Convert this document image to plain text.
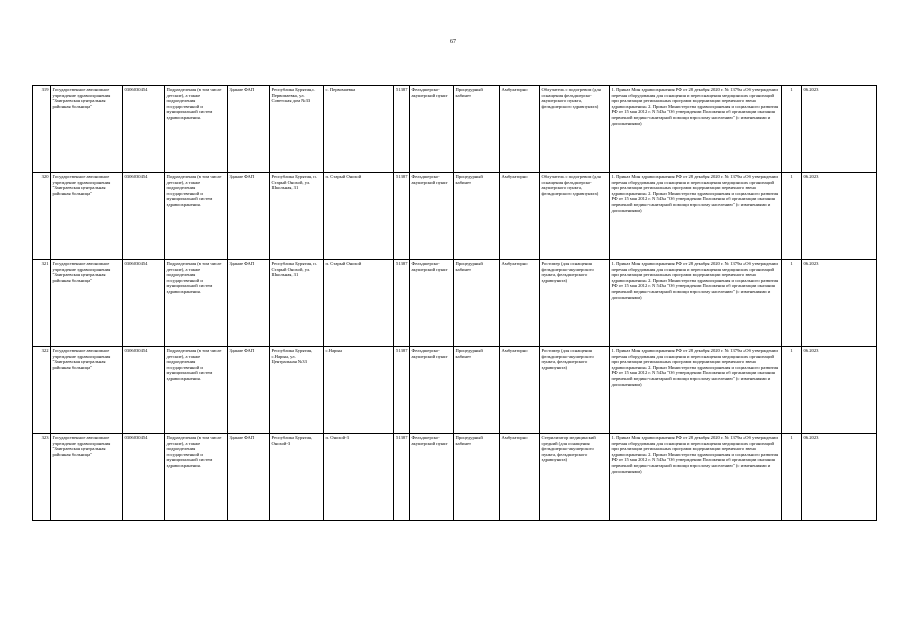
67
319	Государственное автономное учреждение здравоохранения "Заиграевская центральная районная больница"	0306030454	Подразделения (в том числе детские), а также подразделения государственной и муниципальной систем здравоохранения.	Здание ФАП	Республика Бурятия,с. Первомаевка, ул. Советская дом №33	с. Первомаевка	51387	Фельдшерско-акушерский пункт	Процедурный кабинет	Амбулаторно	Облучатель с подогревом (для оснащения фельдшерско-акушерского пункта, фельдшерского здравпункта)	1. Приказ Мин здравоохранения РФ от 28 декабря 2020 г. № 1379н «Об утверждении перечня оборудования для оснащения и переоснащения медицинских организаций при реализации региональных программ модернизации первичного звена здравоохранения» 2. Приказ Министерства здравоохранения и социального развития РФ от 15 мая 2012 г. N 543н "Об утверждении Положения об организации оказания первичной медико-санитарной помощи взрослому населению" (с изменениями и дополнениями)	1	06.2023
320	Государственное автономное учреждение здравоохранения "Заиграевская центральная районная больница"	0306030454	Подразделения (в том числе детские), а также подразделения государственной и муниципальной систем здравоохранения.	Здание ФАП	Республика Бурятия, п. Старый Онохой, ул. Школьная, 31	п. Старый Онохой	51387	Фельдшерско-акушерский пункт	Процедурный кабинет	Амбулаторно	Облучатель с подогревом (для оснащения фельдшерско-акушерского пункта, фельдшерского здравпункта)	1. Приказ Мин здравоохранения РФ от 28 декабря 2020 г. № 1379н «Об утверждении перечня оборудования для оснащения и переоснащения медицинских организаций при реализации региональных программ модернизации первичного звена здравоохранения» 2. Приказ Министерства здравоохранения и социального развития РФ от 15 мая 2012 г. N 543н "Об утверждении Положения об организации оказания первичной медико-санитарной помощи взрослому населению" (с изменениями и дополнениями)	1	06.2023
321	Государственное автономное учреждение здравоохранения "Заиграевская центральная районная больница"	0306030454	Подразделения (в том числе детские), а также подразделения государственной и муниципальной систем здравоохранения.	Здание ФАП	Республика Бурятия, п. Старый Онохой, ул. Школьная, 31	п. Старый Онохой	51387	Фельдшерско-акушерский пункт	Процедурный кабинет	Амбулаторно	Ростомер (для оснащения фельдшерско-акушерского пункта, фельдшерского здравпункта)	1. Приказ Мин здравоохранения РФ от 28 декабря 2020 г. № 1379н «Об утверждении перечня оборудования для оснащения и переоснащения медицинских организаций при реализации региональных программ модернизации первичного звена здравоохранения» 2. Приказ Министерства здравоохранения и социального развития РФ от 15 мая 2012 г. N 543н "Об утверждении Положения об организации оказания первичной медико-санитарной помощи взрослому населению" (с изменениями и дополнениями)	1	06.2023
322	Государственное автономное учреждение здравоохранения "Заиграевская центральная районная больница"	0306030454	Подразделения (в том числе детские), а также подразделения государственной и муниципальной систем здравоохранения.	Здание ФАП	Республика Бурятия, с.Нарын, ул. Центральная №33	с.Нарын	51387	Фельдшерско-акушерский пункт	Процедурный кабинет	Амбулаторно	Ростомер (для оснащения фельдшерско-акушерского пункта, фельдшерского здравпункта)	1. Приказ Мин здравоохранения РФ от 28 декабря 2020 г. № 1379н «Об утверждении перечня оборудования для оснащения и переоснащения медицинских организаций при реализации региональных программ модернизации первичного звена здравоохранения» 2. Приказ Министерства здравоохранения и социального развития РФ от 15 мая 2012 г. N 543н "Об утверждении Положения об организации оказания первичной медико-санитарной помощи взрослому населению" (с изменениями и дополнениями)	1	06.2023
323	Государственное автономное учреждение здравоохранения "Заиграевская центральная районная больница"	0306030454	Подразделения (в том числе детские), а также подразделения государственной и муниципальной систем здравоохранения.	Здание ФАП	Республика Бурятия, Онохой-3	п. Онохой-3	51387	Фельдшерско-акушерский пункт	Процедурный кабинет	Амбулаторно	Стерилизатор медицинский средний (для оснащения фельдшерско-акушерского пункта, фельдшерского здравпункта)	1. Приказ Мин здравоохранения РФ от 28 декабря 2020 г. № 1379н «Об утверждении перечня оборудования для оснащения и переоснащения медицинских организаций при реализации региональных программ модернизации первичного звена здравоохранения» 2. Приказ Министерства здравоохранения и социального развития РФ от 15 мая 2012 г. N 543н "Об утверждении Положения об организации оказания первичной медико-санитарной помощи взрослому населению" (с изменениями и дополнениями)	1	06.2023
